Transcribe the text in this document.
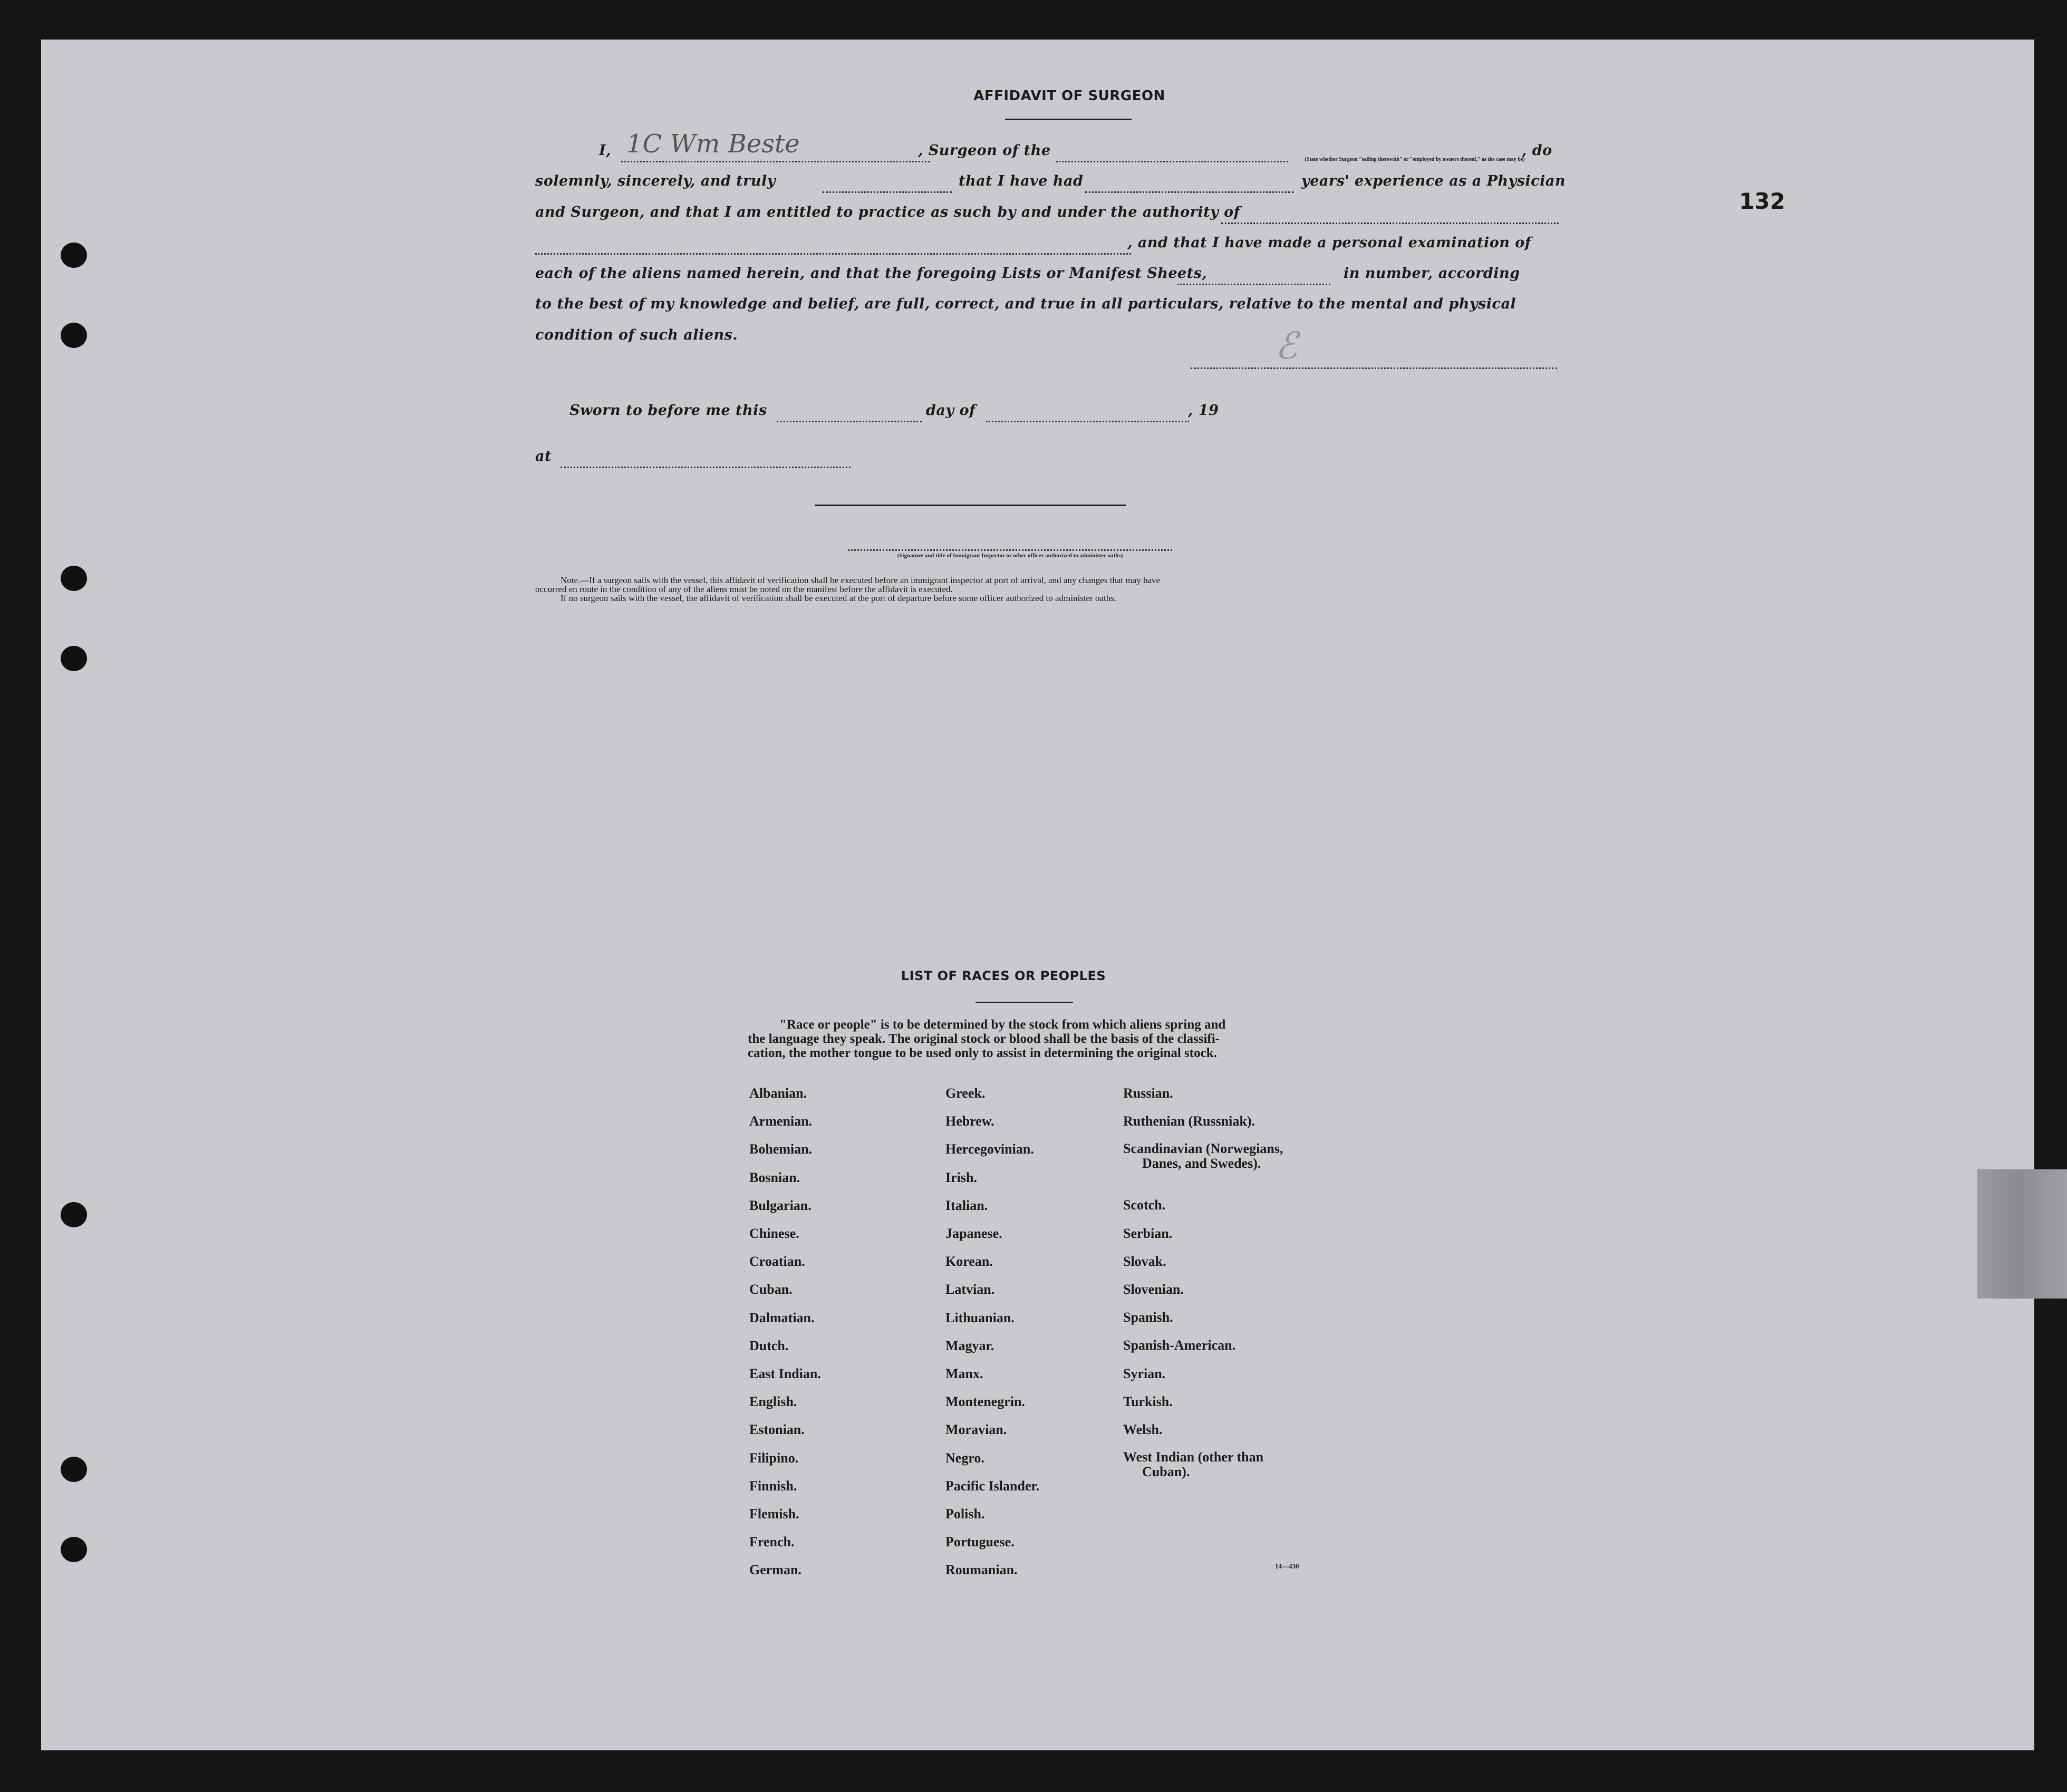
132
AFFIDAVIT OF SURGEON
I, 1C Wm Beste	, Surgeon of the
(State whether Surgeon "sailing therewith" or "employed by owners thereof," as the case may be)
, do
solemnly, sincerely, and truly	that I have had	years' experience as a Physician
and Surgeon, and that I am entitled to practice as such by and under the authority of
, and that I have made a personal examination of
each of the aliens named herein, and that the foregoing Lists or Manifest Sheets,	in number, according
to the best of my knowledge and belief, are full, correct, and true in all particulars, relative to the mental and physical
condition of such aliens.	ℰ
Sworn to before me this	day of	, 19
at
(Signature and title of Immigrant Inspector or other officer authorized to administer oaths)
Note.—If a surgeon sails with the vessel, this affidavit of verification shall be executed before an immigrant inspector at port of arrival, and any changes that may have
occurred en route in the condition of any of the aliens must be noted on the manifest before the affidavit is executed.
If no surgeon sails with the vessel, the affidavit of verification shall be executed at the port of departure before some officer authorized to administer oaths.
LIST OF RACES OR PEOPLES
"Race or people" is to be determined by the stock from which aliens spring and
the language they speak. The original stock or blood shall be the basis of the classifi-
cation, the mother tongue to be used only to assist in determining the original stock.
Albanian.
Armenian.
Bohemian.
Bosnian.
Bulgarian.
Chinese.
Croatian.
Cuban.
Dalmatian.
Dutch.
East Indian.
English.
Estonian.
Filipino.
Finnish.
Flemish.
French.
German.
Greek.
Hebrew.
Hercegovinian.
Irish.
Italian.
Japanese.
Korean.
Latvian.
Lithuanian.
Magyar.
Manx.
Montenegrin.
Moravian.
Negro.
Pacific Islander.
Polish.
Portuguese.
Roumanian.
Russian.
Ruthenian (Russniak).
Scandinavian (Norwegians,
Danes, and Swedes).
Scotch.
Serbian.
Slovak.
Slovenian.
Spanish.
Spanish-American.
Syrian.
Turkish.
Welsh.
West Indian (other than
Cuban).
14—430
